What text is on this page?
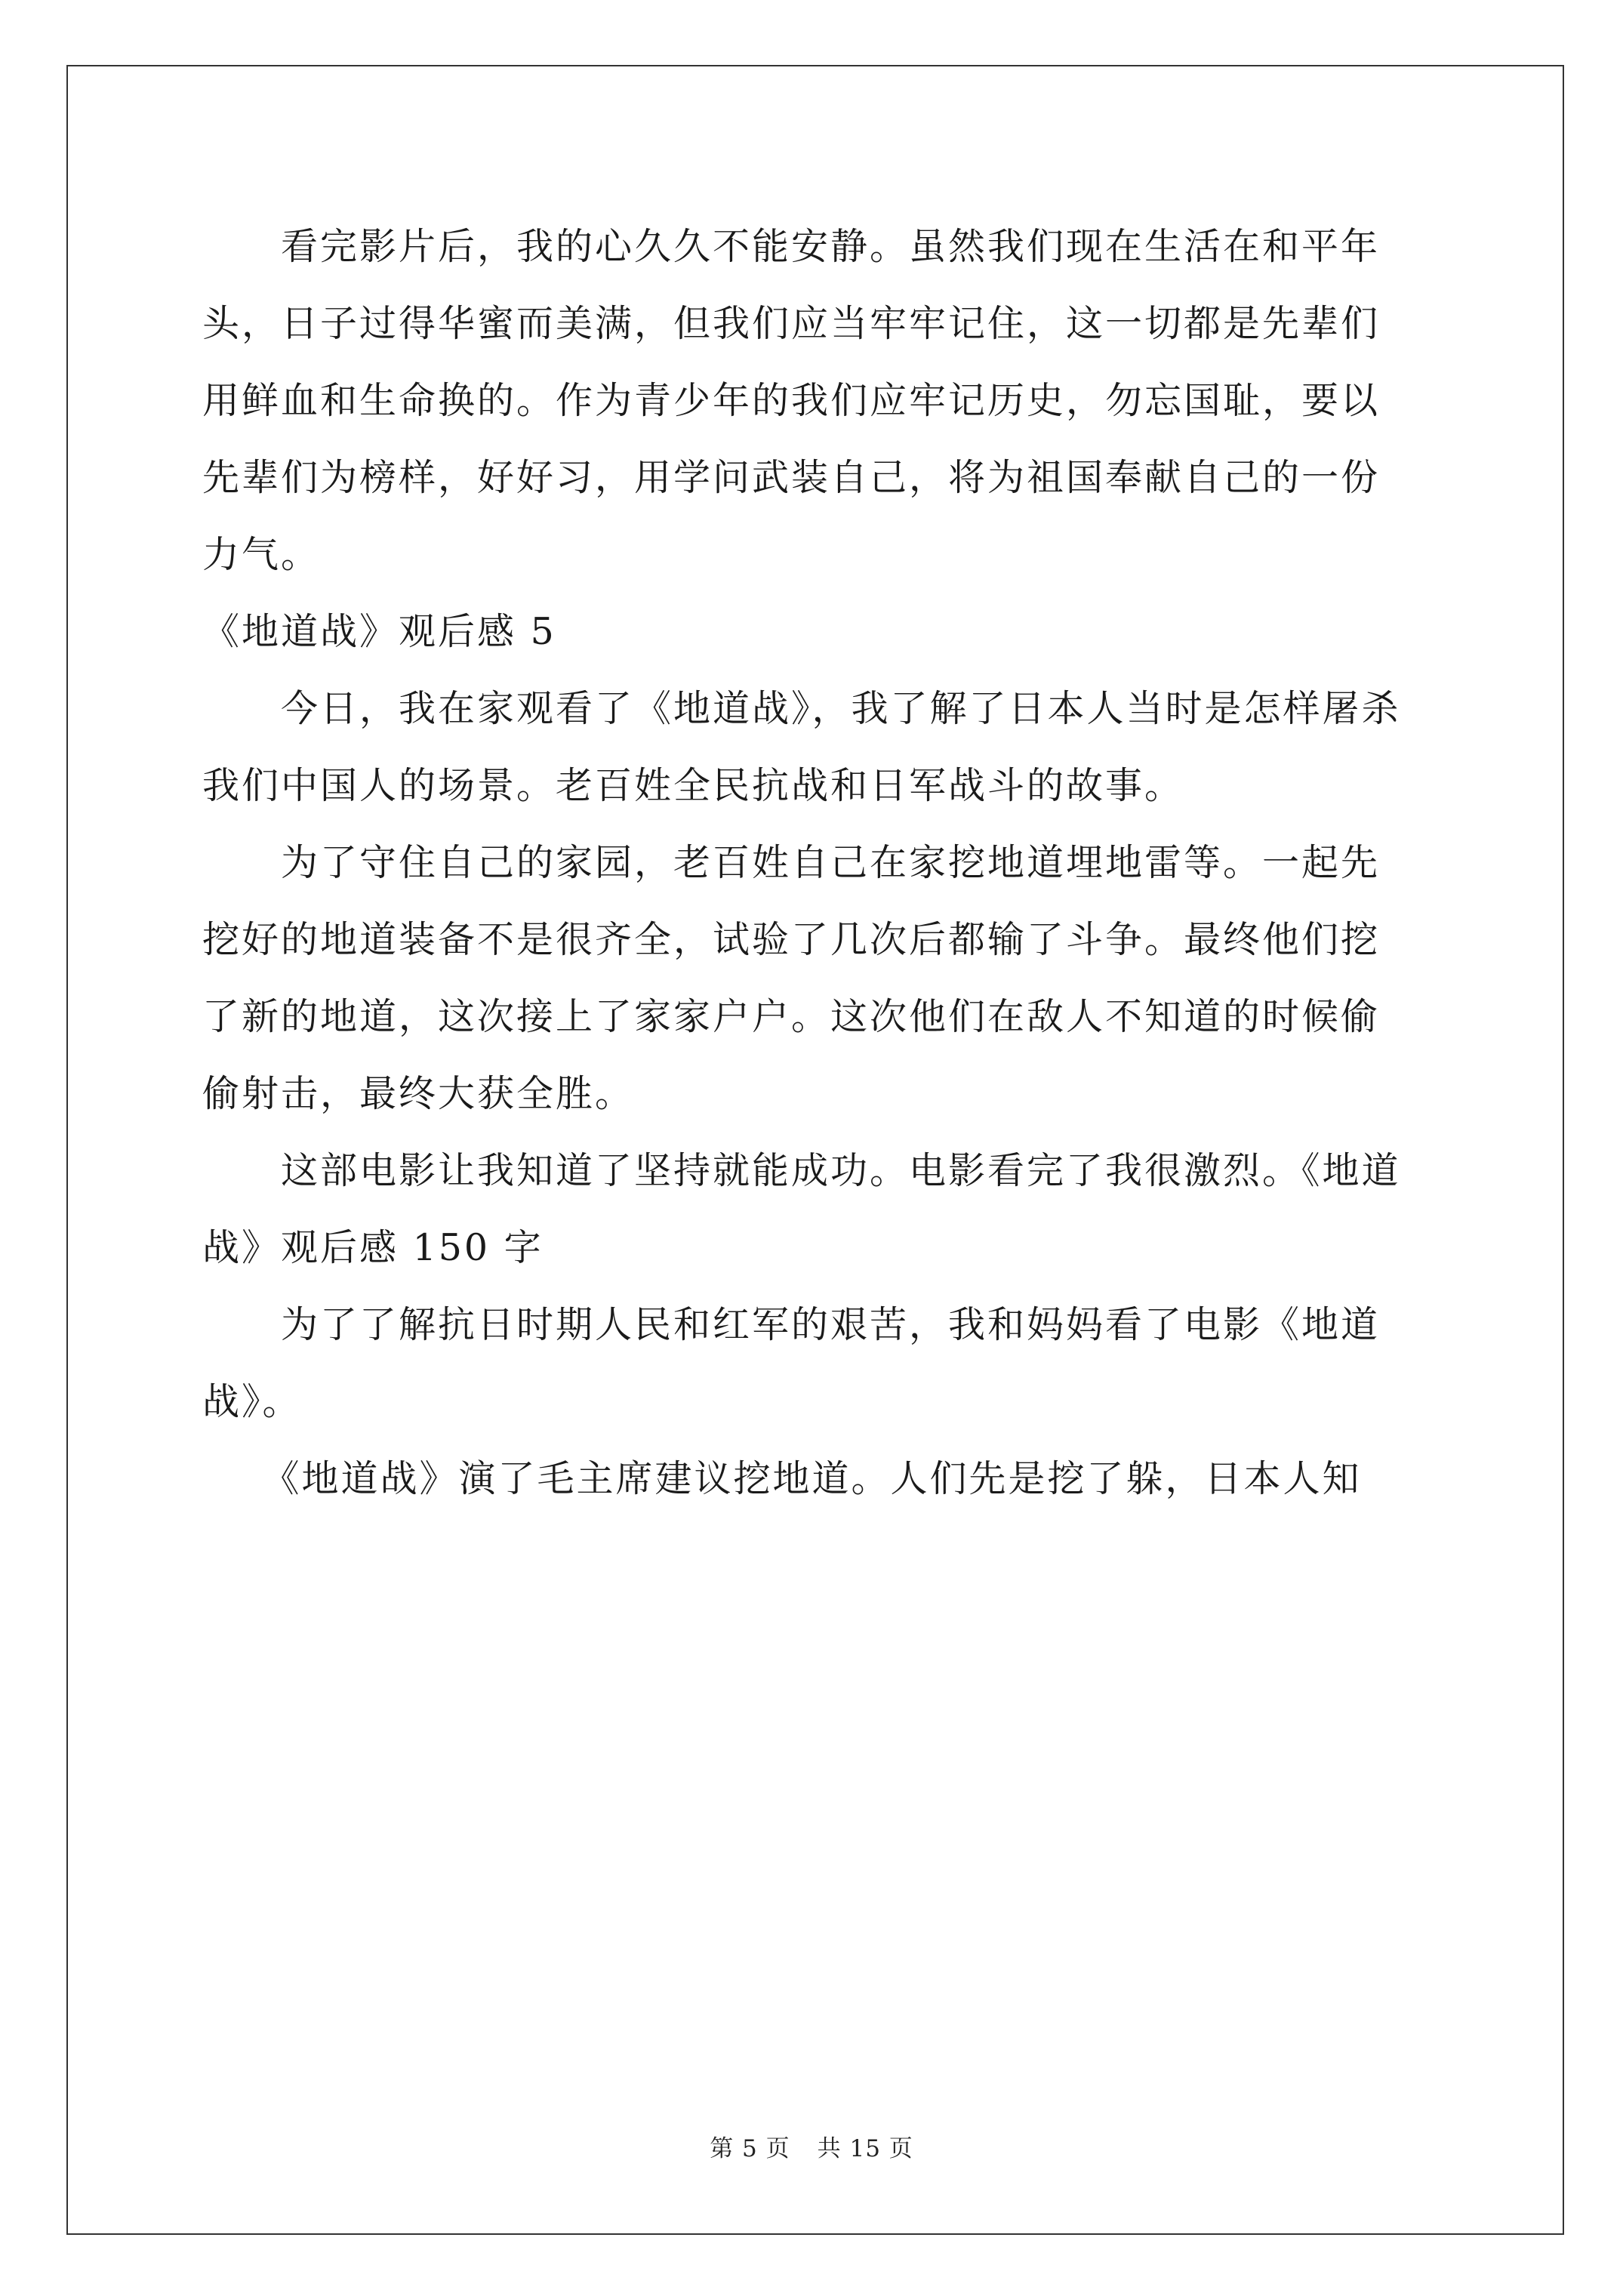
　　看完影片后，我的心久久不能安静。虽然我们现在生活在和平年
头，日子过得华蜜而美满，但我们应当牢牢记住，这一切都是先辈们
用鲜血和生命换的。作为青少年的我们应牢记历史，勿忘国耻，要以
先辈们为榜样，好好习，用学问武装自己，将为祖国奉献自己的一份
力气。
《地道战》观后感 5
　　今日，我在家观看了《地道战》，我了解了日本人当时是怎样屠杀
我们中国人的场景。老百姓全民抗战和日军战斗的故事。
　　为了守住自己的家园，老百姓自己在家挖地道埋地雷等。一起先
挖好的地道装备不是很齐全，试验了几次后都输了斗争。最终他们挖
了新的地道，这次接上了家家户户。这次他们在敌人不知道的时候偷
偷射击，最终大获全胜。
　　这部电影让我知道了坚持就能成功。电影看完了我很激烈。《地道
战》观后感 150 字
　　为了了解抗日时期人民和红军的艰苦，我和妈妈看了电影《地道
战》。
　　《地道战》演了毛主席建议挖地道。人们先是挖了躲，日本人知
第 5 页 共 15 页
